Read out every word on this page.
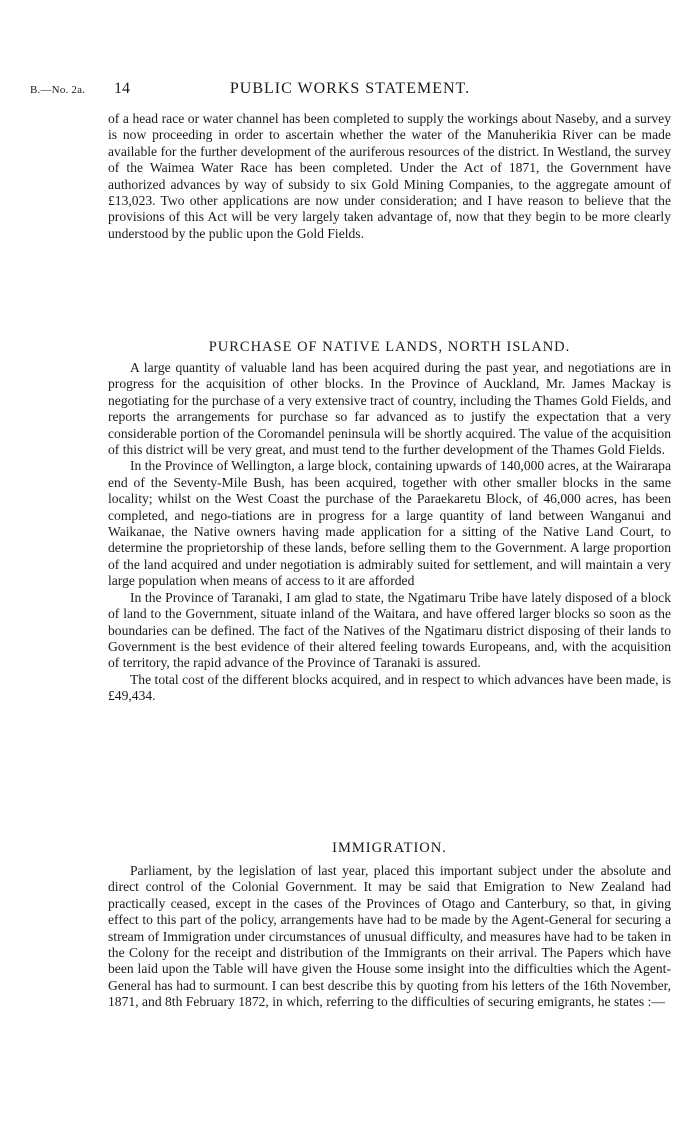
PUBLIC WORKS STATEMENT.
B.—No. 2a. 14

of a head race or water channel has been completed to supply the workings about Naseby, and a survey is now proceeding in order to ascertain whether the water of the Manuherikia River can be made available for the further development of the auriferous resources of the district. In Westland, the survey of the Waimea Water Race has been completed. Under the Act of 1871, the Government have authorized advances by way of subsidy to six Gold Mining Companies, to the aggregate amount of £13,023. Two other applications are now under consideration; and I have reason to believe that the provisions of this Act will be very largely taken advantage of, now that they begin to be more clearly understood by the public upon the Gold Fields.

PURCHASE OF NATIVE LANDS, NORTH ISLAND.

A large quantity of valuable land has been acquired during the past year, and negotiations are in progress for the acquisition of other blocks. In the Province of Auckland, Mr. James Mackay is negotiating for the purchase of a very extensive tract of country, including the Thames Gold Fields, and reports the arrangements for purchase so far advanced as to justify the expectation that a very considerable portion of the Coromandel peninsula will be shortly acquired. The value of the acquisition of this district will be very great, and must tend to the further development of the Thames Gold Fields.

In the Province of Wellington, a large block, containing upwards of 140,000 acres, at the Wairarapa end of the Seventy-Mile Bush, has been acquired, together with other smaller blocks in the same locality; whilst on the West Coast the purchase of the Paraekaretu Block, of 46,000 acres, has been completed, and nego-tiations are in progress for a large quantity of land between Wanganui and Waikanae, the Native owners having made application for a sitting of the Native Land Court, to determine the proprietorship of these lands, before selling them to the Government. A large proportion of the land acquired and under negotiation is admirably suited for settlement, and will maintain a very large population when means of access to it are afforded

In the Province of Taranaki, I am glad to state, the Ngatimaru Tribe have lately disposed of a block of land to the Government, situate inland of the Waitara, and have offered larger blocks so soon as the boundaries can be defined. The fact of the Natives of the Ngatimaru district disposing of their lands to Government is the best evidence of their altered feeling towards Europeans, and, with the acquisition of territory, the rapid advance of the Province of Taranaki is assured.

The total cost of the different blocks acquired, and in respect to which advances have been made, is £49,434.

IMMIGRATION.

Parliament, by the legislation of last year, placed this important subject under the absolute and direct control of the Colonial Government. It may be said that Emigration to New Zealand had practically ceased, except in the cases of the Provinces of Otago and Canterbury, so that, in giving effect to this part of the policy, arrangements have had to be made by the Agent-General for securing a stream of Immigration under circumstances of unusual difficulty, and measures have had to be taken in the Colony for the receipt and distribution of the Immigrants on their arrival. The Papers which have been laid upon the Table will have given the House some insight into the difficulties which the Agent-General has had to surmount. I can best describe this by quoting from his letters of the 16th November, 1871, and 8th February 1872, in which, referring to the difficulties of securing emigrants, he states :—
